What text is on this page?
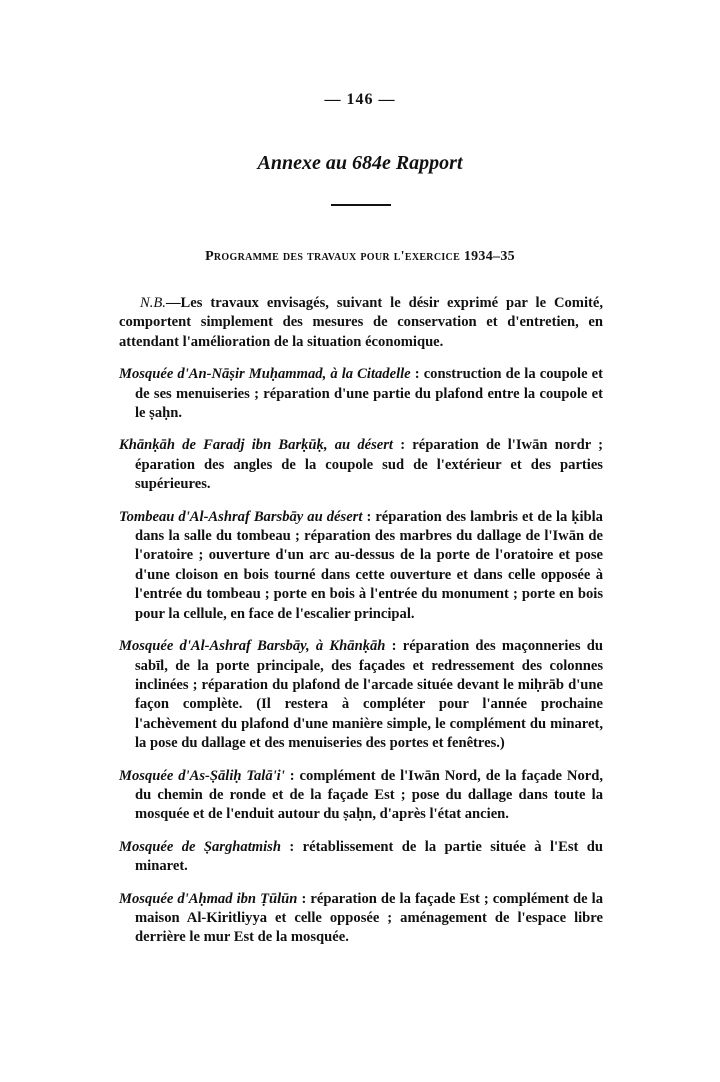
— 146 —
Annexe au 684e Rapport
Programme des travaux pour l'exercice 1934–35

N.B.—Les travaux envisagés, suivant le désir exprimé par le Comité, comportent simplement des mesures de conservation et d'entretien, en attendant l'amélioration de la situation économique.

Mosquée d'An-Nāṣir Muḥammad, à la Citadelle : construction de la coupole et de ses menuiseries ; réparation d'une partie du plafond entre la coupole et le ṣaḥn.

Khānḳāh de Faradj ibn Barḳūḳ, au désert : réparation de l'Iwān nordr ; éparation des angles de la coupole sud de l'extérieur et des parties supérieures.

Tombeau d'Al-Ashraf Barsbāy au désert : réparation des lambris et de la ḳibla dans la salle du tombeau ; réparation des marbres du dallage de l'Iwān de l'oratoire ; ouverture d'un arc au-dessus de la porte de l'oratoire et pose d'une cloison en bois tourné dans cette ouverture et dans celle opposée à l'entrée du tombeau ; porte en bois à l'entrée du monument ; porte en bois pour la cellule, en face de l'escalier principal.

Mosquée d'Al-Ashraf Barsbāy, à Khānḳāh : réparation des maçonneries du sabīl, de la porte principale, des façades et redressement des colonnes inclinées ; réparation du plafond de l'arcade située devant le miḥrāb d'une façon complète. (Il restera à compléter pour l'année prochaine l'achèvement du plafond d'une manière simple, le complément du minaret, la pose du dallage et des menuiseries des portes et fenêtres.)

Mosquée d'As-Ṣāliḥ Talā'i' : complément de l'Iwān Nord, de la façade Nord, du chemin de ronde et de la façade Est ; pose du dallage dans toute la mosquée et de l'enduit autour du ṣaḥn, d'après l'état ancien.

Mosquée de Ṣarghatmish : rétablissement de la partie située à l'Est du minaret.

Mosquée d'Aḥmad ibn Ṭūlūn : réparation de la façade Est ; complément de la maison Al-Kiritliyya et celle opposée ; aménagement de l'espace libre derrière le mur Est de la mosquée.
